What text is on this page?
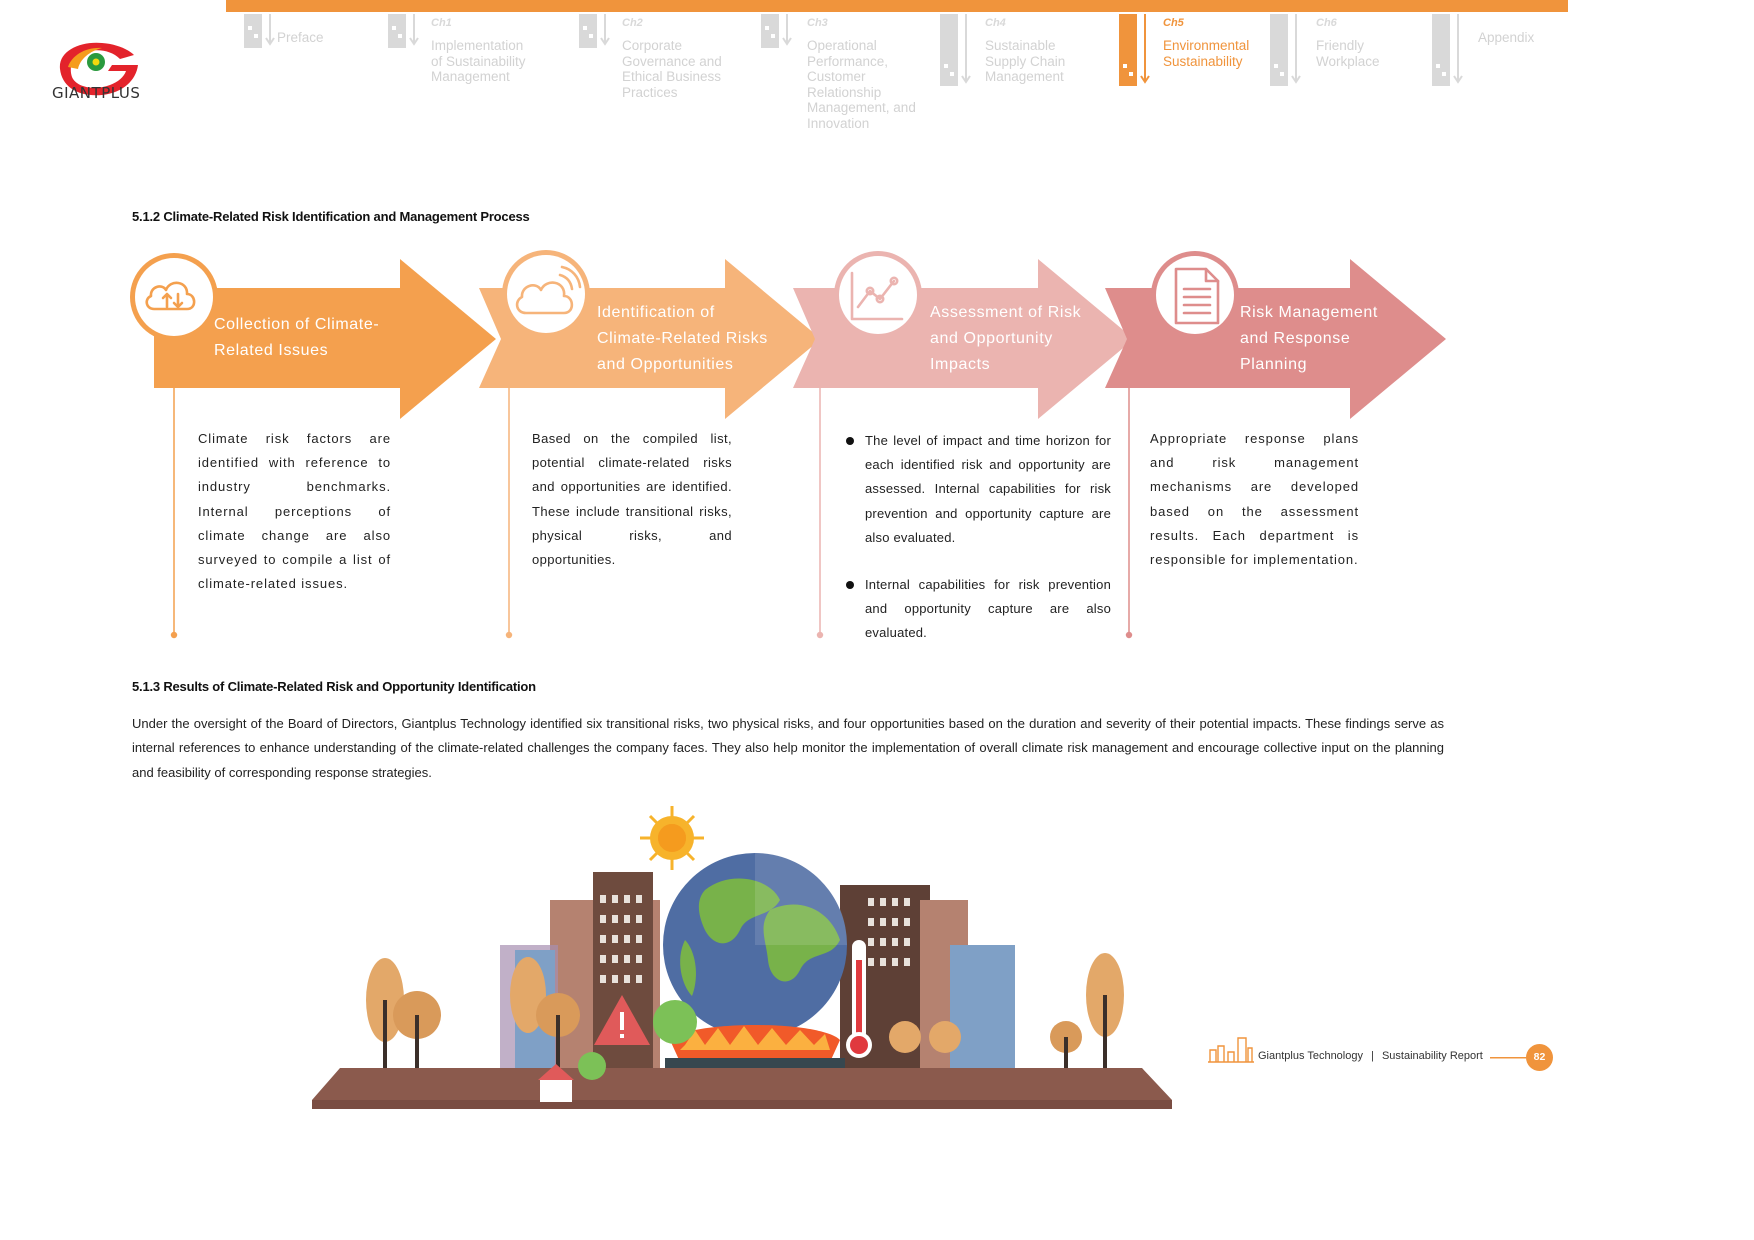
GIANTPLUS
Preface
Ch1
Implementation
of Sustainability
Management
Ch2
Corporate
Governance and
Ethical Business
Practices
Ch3
Operational
Performance,
Customer
Relationship
Management, and
Innovation
Ch4
Sustainable
Supply Chain
Management
Ch5
Environmental
Sustainability
Ch6
Friendly
Workplace
Appendix
5.1.2 Climate-Related Risk Identification and Management Process
Collection of Climate-
Related Issues
Identification of
Climate-Related Risks
and Opportunities
Assessment of Risk
and Opportunity
Impacts
Risk Management
and Response
Planning
Climate risk factors are identified with reference to industry benchmarks. Internal perceptions of climate change are also surveyed to compile a list of climate-related issues.
Based on the compiled list, potential climate-related risks and opportunities are identified. These include transitional risks, physical risks, and opportunities.
The level of impact and time horizon for each identified risk and opportunity are assessed. Internal capabilities for risk prevention and opportunity capture are also evaluated.
Internal capabilities for risk prevention and opportunity capture are also evaluated.
Appropriate response plans and risk management mechanisms are developed based on the assessment results. Each department is responsible for implementation.
5.1.3 Results of Climate-Related Risk and Opportunity Identification
Under the oversight of the Board of Directors, Giantplus Technology identified six transitional risks, two physical risks, and four opportunities based on the duration and severity of their potential impacts. These findings serve as internal references to enhance understanding of the climate-related challenges the company faces. They also help monitor the implementation of overall climate risk management and encourage collective input on the planning and feasibility of corresponding response strategies.
Giantplus Technology | Sustainability Report	82
